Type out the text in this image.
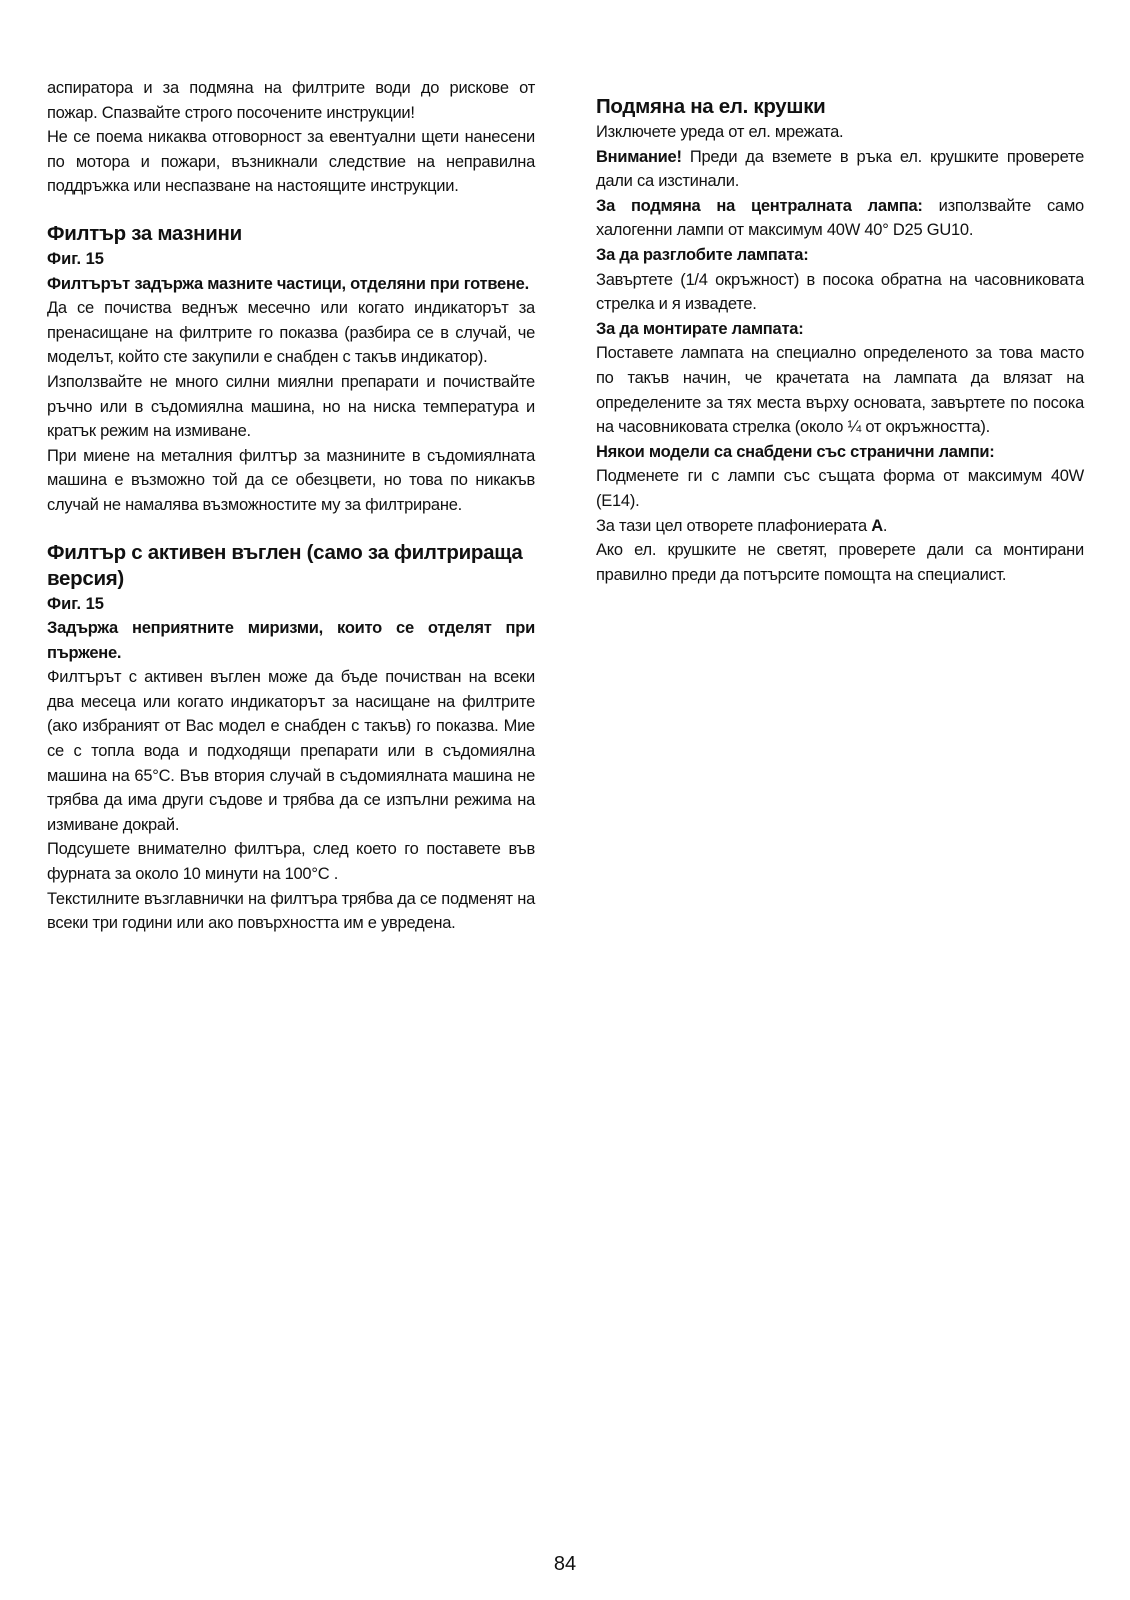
аспиратора и за подмяна на филтрите води до рискове от пожар. Спазвайте строго посочените инструкции!

Не се поема никаква отговорност за евентуални щети нанесени по мотора и пожари, възникнали следствие на неправилна поддръжка или неспазване на настоящите инструкции.

Филтър за мазнини
Фиг. 15
Филтърът задържа мазните частици, отделяни при готвене.

Да се почиства веднъж месечно или когато индикаторът за пренасищане на филтрите го показва (разбира се в случай, че моделът, който сте закупили е снабден с такъв индикатор).

Използвайте не много силни миялни препарати и почиствайте ръчно или в съдомиялна машина, но на ниска температура и кратък режим на измиване.

При миене на металния филтър за мазнините в съдомиялната машина е възможно той да се обезцвети, но това по никакъв случай не намалява възможностите му за филтриране.

Филтър с активен въглен (само за филтрираща версия)
Фиг. 15
Задържа неприятните миризми, които се отделят при пържене.

Филтърът с активен въглен може да бъде почистван на всеки два месеца или когато индикаторът за насищане на филтрите (ако избраният от Вас модел е снабден с такъв) го показва. Мие се с топла вода и подходящи препарати или в съдомиялна машина на 65°C. Във втория случай в съдомиялната машина не трябва да има други съдове и трябва да се изпълни режима на измиване докрай.

Подсушете внимателно филтъра, след което го поставете във фурната за около 10 минути на 100°C .

Текстилните възглавнички на филтъра трябва да се подменят на всеки три години или ако повърхността им е увредена.

Подмяна на ел. крушки

Изключете уреда от ел. мрежата.

Внимание! Преди да вземете в ръка ел. крушките проверете дали са изстинали.

За подмяна на централната лампа: използвайте само халогенни лампи от максимум 40W 40° D25 GU10.

За да разглобите лампата:

Завъртете (1/4 окръжност) в посока обратна на часовниковата стрелка и я извадете.

За да монтирате лампата:

Поставете лампата на специално определеното за това масто по такъв начин, че крачетата на лампата да влязат на определените за тях места върху основата, завъртете по посока на часовниковата стрелка (около ¼ от окръжността).

Някои модели са снабдени със странични лампи:

Подменете ги с лампи със същата форма от максимум 40W (E14).

За тази цел отворете плафониерата A.

Ако ел. крушките не светят, проверете дали са монтирани правилно преди да потърсите помощта на специалист.

84
